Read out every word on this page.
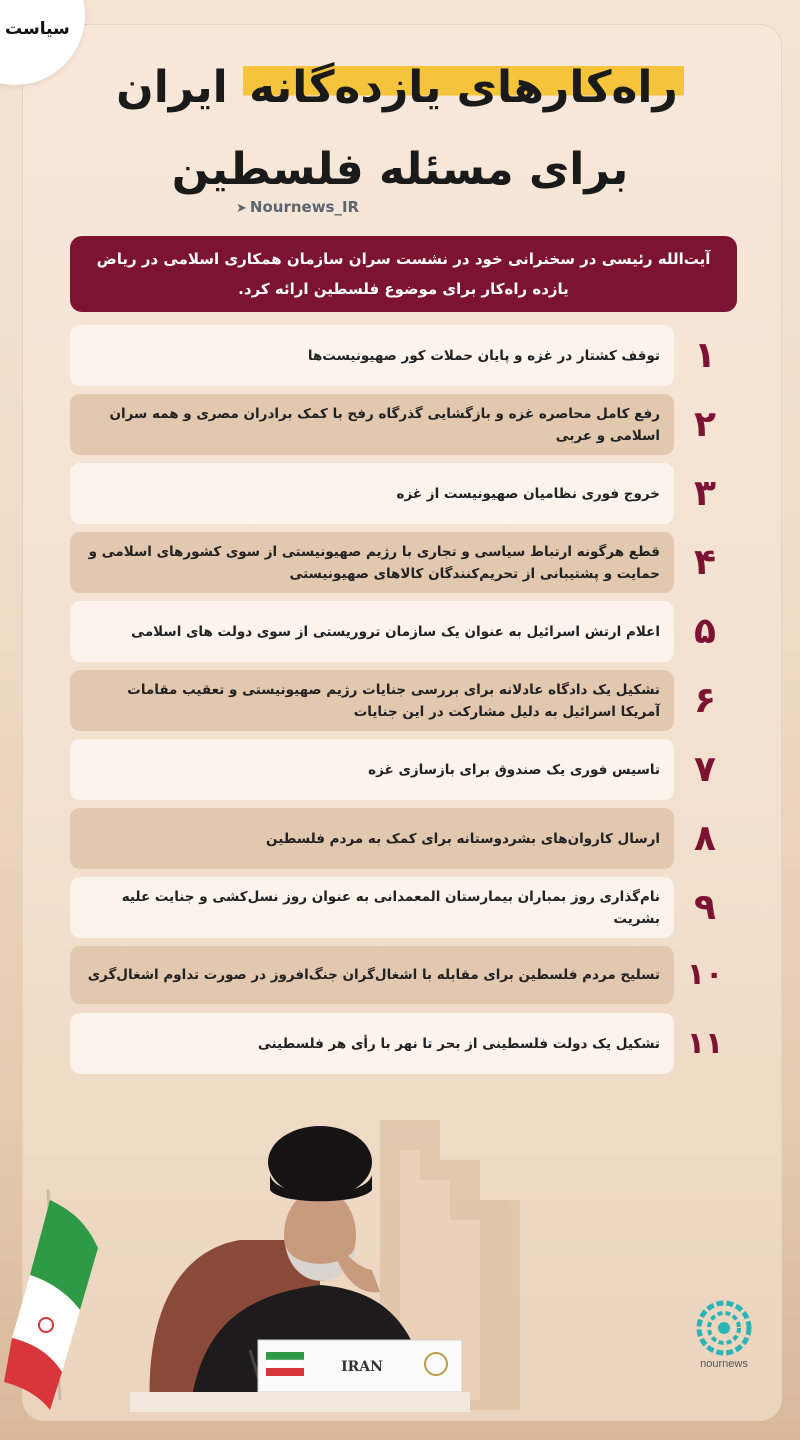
سیاست
راه‌کارهای یازده‌گانه ایران
برای مسئله فلسطین
➤ Nournews_IR
آیت‌الله رئیسی در سخنرانی خود در نشست سران سازمان همکاری اسلامی در ریاض یازده راه‌کار برای موضوع فلسطین ارائه کرد.
توقف کشتار در غزه و پایان حملات کور صهیونیست‌ها ۱
رفع کامل محاصره غزه و بازگشایی گذرگاه رفح با کمک برادران مصری و همه سران اسلامی و عربی ۲
خروج فوری نظامیان صهیونیست از غزه ۳
قطع هرگونه ارتباط سیاسی و تجاری با رژیم صهیونیستی از سوی کشورهای اسلامی و حمایت و پشتیبانی از تحریم‌کنندگان کالاهای صهیونیستی ۴
اعلام ارتش اسرائیل به عنوان یک سازمان تروریستی از سوی دولت های اسلامی ۵
تشکیل یک دادگاه عادلانه برای بررسی جنایات رژیم صهیونیستی و تعقیب مقامات آمریکا اسرائیل به دلیل مشارکت در این جنایات ۶
تاسیس فوری یک صندوق برای بازسازی غزه ۷
ارسال کاروان‌های بشردوستانه برای کمک به مردم فلسطین ۸
نام‌گذاری روز بمباران بیمارستان المعمدانی به عنوان روز نسل‌کشی و جنایت علیه بشریت ۹
تسلیح مردم فلسطین برای مقابله با اشغال‌گران جنگ‌افروز در صورت تداوم اشغال‌گری ۱۰
تشکیل یک دولت فلسطینی از بحر تا نهر با رأی هر فلسطینی ۱۱
IRAN	nournews
